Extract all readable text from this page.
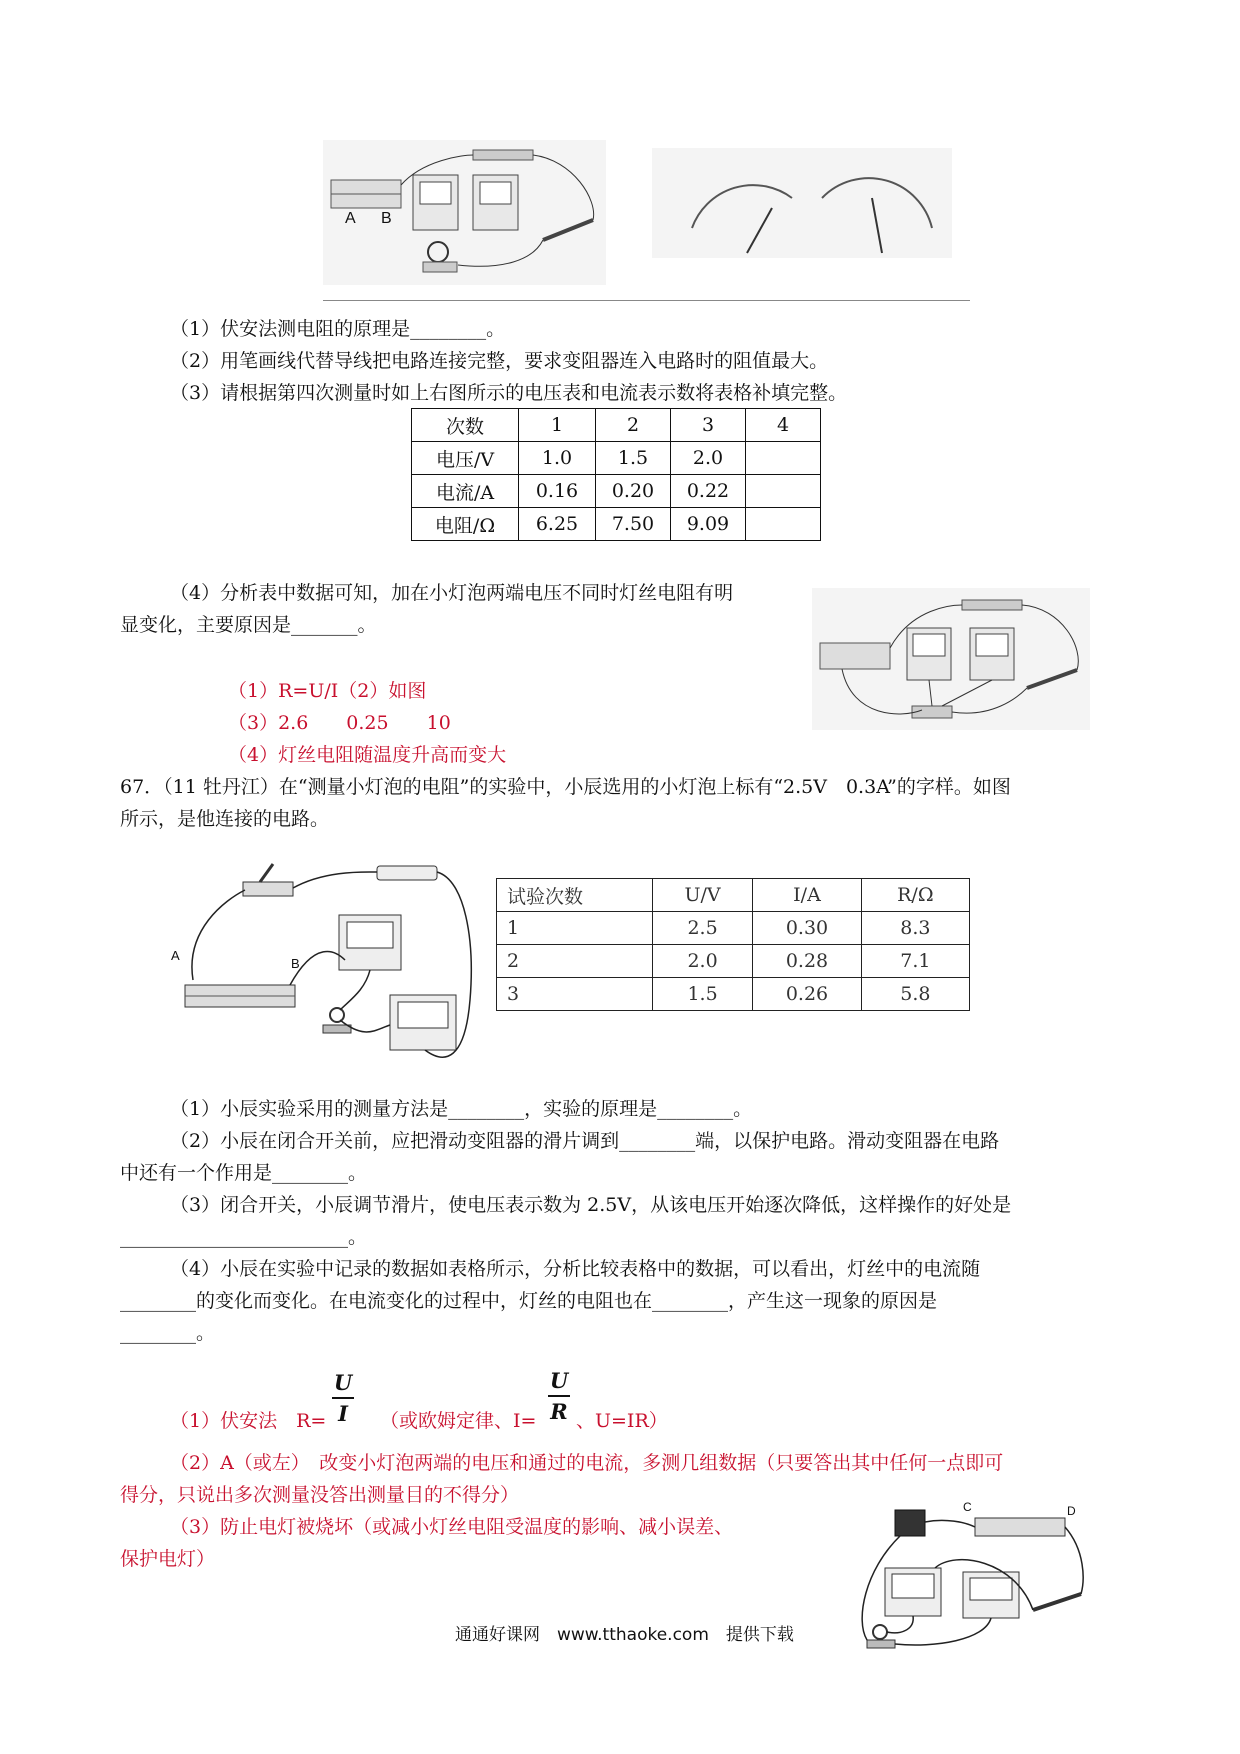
A B
（1）伏安法测电阻的原理是________。
（2）用笔画线代替导线把电路连接完整，要求变阻器连入电路时的阻值最大。
（3）请根据第四次测量时如上右图所示的电压表和电流表示数将表格补填完整。
次数	1	2	3	4
电压/V	1.0	1.5	2.0	
电流/A	0.16	0.20	0.22	
电阻/Ω	6.25	7.50	9.09	
（4）分析表中数据可知，加在小灯泡两端电压不同时灯丝电阻有明
显变化，主要原因是_______。
（1）R=U/I（2）如图
（3）2.6　　0.25　　10
（4）灯丝电阻随温度升高而变大
67．（11 牡丹江）在“测量小灯泡的电阻”的实验中，小辰选用的小灯泡上标有“2.5V　0.3A”的字样。如图
所示，是他连接的电路。
A
B
试验次数	U/V	I/A	R/Ω
1	2.5	0.30	8.3
2	2.0	0.28	7.1
3	1.5	0.26	5.8
（1）小辰实验采用的测量方法是________，实验的原理是________。
（2）小辰在闭合开关前，应把滑动变阻器的滑片调到________端，以保护电路。滑动变阻器在电路
中还有一个作用是________。
（3）闭合开关，小辰调节滑片，使电压表示数为 2.5V，从该电压开始逐次降低，这样操作的好处是
________________________。
（4）小辰在实验中记录的数据如表格所示，分析比较表格中的数据，可以看出，灯丝中的电流随
________的变化而变化。在电流变化的过程中，灯丝的电阻也在________，产生这一现象的原因是
________。
（1）伏安法　R=
U
I	（或欧姆定律、I=
U
R 、U=IR）
（2）A（或左）　改变小灯泡两端的电压和通过的电流，多测几组数据（只要答出其中任何一点即可
得分，只说出多次测量没答出测量目的不得分）
（3）防止电灯被烧坏（或减小灯丝电阻受温度的影响、减小误差、
保护电灯）
C	D
通通好课网　www.tthaoke.com　提供下载
